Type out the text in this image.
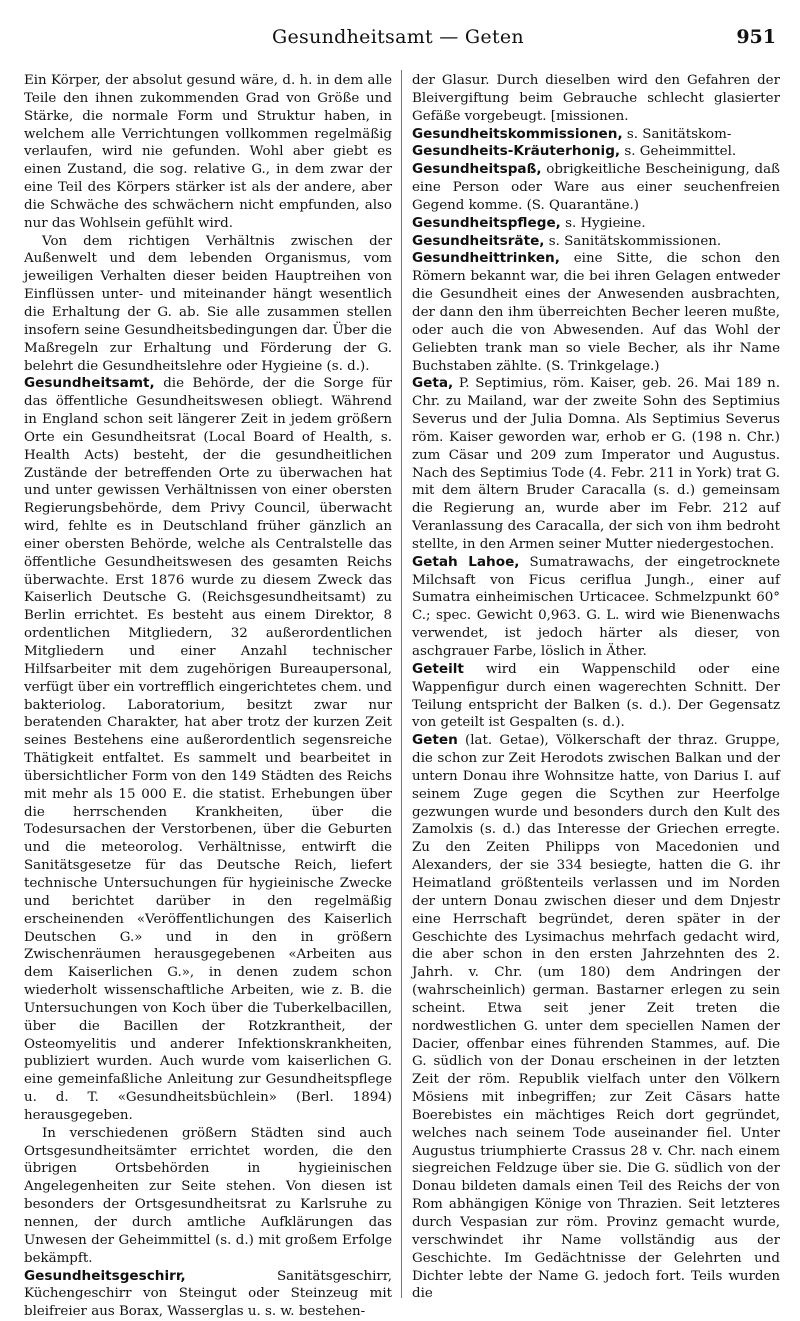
Gesundheitsamt — Geten	951

Ein Körper, der absolut gesund wäre, d. h. in dem alle Teile den ihnen zukommenden Grad von Größe und Stärke, die normale Form und Struktur haben, in welchem alle Verrichtungen vollkommen regelmäßig verlaufen, wird nie gefunden. Wohl aber giebt es einen Zustand, die sog. relative G., in dem zwar der eine Teil des Körpers stärker ist als der andere, aber die Schwäche des schwächern nicht empfunden, also nur das Wohlsein gefühlt wird.

Von dem richtigen Verhältnis zwischen der Außenwelt und dem lebenden Organismus, vom jeweiligen Verhalten dieser beiden Hauptreihen von Einflüssen unter- und miteinander hängt wesentlich die Erhaltung der G. ab. Sie alle zusammen stellen insofern seine Gesundheitsbedingungen dar. Über die Maßregeln zur Erhaltung und Förderung der G. belehrt die Gesundheitslehre oder Hygieine (s. d.).

Gesundheitsamt, die Behörde, der die Sorge für das öffentliche Gesundheitswesen obliegt. Während in England schon seit längerer Zeit in jedem größern Orte ein Gesundheitsrat (Local Board of Health, s. Health Acts) besteht, der die gesundheitlichen Zustände der betreffenden Orte zu überwachen hat und unter gewissen Verhältnissen von einer obersten Regierungsbehörde, dem Privy Council, überwacht wird, fehlte es in Deutschland früher gänzlich an einer obersten Behörde, welche als Centralstelle das öffentliche Gesundheitswesen des gesamten Reichs überwachte. Erst 1876 wurde zu diesem Zweck das Kaiserlich Deutsche G. (Reichsgesundheitsamt) zu Berlin errichtet. Es besteht aus einem Direktor, 8 ordentlichen Mitgliedern, 32 außerordentlichen Mitgliedern und einer Anzahl technischer Hilfsarbeiter mit dem zugehörigen Bureaupersonal, verfügt über ein vortrefflich eingerichtetes chem. und bakteriolog. Laboratorium, besitzt zwar nur beratenden Charakter, hat aber trotz der kurzen Zeit seines Bestehens eine außerordentlich segensreiche Thätigkeit entfaltet. Es sammelt und bearbeitet in übersichtlicher Form von den 149 Städten des Reichs mit mehr als 15 000 E. die statist. Erhebungen über die herrschenden Krankheiten, über die Todesursachen der Verstorbenen, über die Geburten und die meteorolog. Verhältnisse, entwirft die Sanitätsgesetze für das Deutsche Reich, liefert technische Untersuchungen für hygieinische Zwecke und berichtet darüber in den regelmäßig erscheinenden «Veröffentlichungen des Kaiserlich Deutschen G.» und in den in größern Zwischenräumen herausgegebenen «Arbeiten aus dem Kaiserlichen G.», in denen zudem schon wiederholt wissenschaftliche Arbeiten, wie z. B. die Untersuchungen von Koch über die Tuberkelbacillen, über die Bacillen der Rotzkrantheit, der Osteomyelitis und anderer Infektionskrankheiten, publiziert wurden. Auch wurde vom kaiserlichen G. eine gemeinfaßliche Anleitung zur Gesundheitspflege u. d. T. «Gesundheitsbüchlein» (Berl. 1894) herausgegeben.

In verschiedenen größern Städten sind auch Ortsgesundheitsämter errichtet worden, die den übrigen Ortsbehörden in hygieinischen Angelegenheiten zur Seite stehen. Von diesen ist besonders der Ortsgesundheitsrat zu Karlsruhe zu nennen, der durch amtliche Aufklärungen das Unwesen der Geheimmittel (s. d.) mit großem Erfolge bekämpft.

Gesundheitsgeschirr, Sanitätsgeschirr, Küchengeschirr von Steingut oder Steinzeug mit bleifreier aus Borax, Wasserglas u. s. w. bestehen-

der Glasur. Durch dieselben wird den Gefahren der Bleivergiftung beim Gebrauche schlecht glasierter Gefäße vorgebeugt. [missionen.

Gesundheitskommissionen, s. Sanitätskom-

Gesundheits-Kräuterhonig, s. Geheimmittel.

Gesundheitspaß, obrigkeitliche Bescheinigung, daß eine Person oder Ware aus einer seuchenfreien Gegend komme. (S. Quarantäne.)

Gesundheitspflege, s. Hygieine.

Gesundheitsräte, s. Sanitätskommissionen.

Gesundheittrinken, eine Sitte, die schon den Römern bekannt war, die bei ihren Gelagen entweder die Gesundheit eines der Anwesenden ausbrachten, der dann den ihm überreichten Becher leeren mußte, oder auch die von Abwesenden. Auf das Wohl der Geliebten trank man so viele Becher, als ihr Name Buchstaben zählte. (S. Trinkgelage.)

Geta, P. Septimius, röm. Kaiser, geb. 26. Mai 189 n. Chr. zu Mailand, war der zweite Sohn des Septimius Severus und der Julia Domna. Als Septimius Severus röm. Kaiser geworden war, erhob er G. (198 n. Chr.) zum Cäsar und 209 zum Imperator und Augustus. Nach des Septimius Tode (4. Febr. 211 in York) trat G. mit dem ältern Bruder Caracalla (s. d.) gemeinsam die Regierung an, wurde aber im Febr. 212 auf Veranlassung des Caracalla, der sich von ihm bedroht stellte, in den Armen seiner Mutter niedergestochen.

Getah Lahoe, Sumatrawachs, der eingetrocknete Milchsaft von Ficus ceriflua Jungh., einer auf Sumatra einheimischen Urticacee. Schmelzpunkt 60° C.; spec. Gewicht 0,963. G. L. wird wie Bienenwachs verwendet, ist jedoch härter als dieser, von aschgrauer Farbe, löslich in Äther.

Geteilt wird ein Wappenschild oder eine Wappenfigur durch einen wagerechten Schnitt. Der Teilung entspricht der Balken (s. d.). Der Gegensatz von geteilt ist Gespalten (s. d.).

Geten (lat. Getae), Völkerschaft der thraz. Gruppe, die schon zur Zeit Herodots zwischen Balkan und der untern Donau ihre Wohnsitze hatte, von Darius I. auf seinem Zuge gegen die Scythen zur Heerfolge gezwungen wurde und besonders durch den Kult des Zamolxis (s. d.) das Interesse der Griechen erregte. Zu den Zeiten Philipps von Macedonien und Alexanders, der sie 334 besiegte, hatten die G. ihr Heimatland größtenteils verlassen und im Norden der untern Donau zwischen dieser und dem Dnjestr eine Herrschaft begründet, deren später in der Geschichte des Lysimachus mehrfach gedacht wird, die aber schon in den ersten Jahrzehnten des 2. Jahrh. v. Chr. (um 180) dem Andringen der (wahrscheinlich) german. Bastarner erlegen zu sein scheint. Etwa seit jener Zeit treten die nordwestlichen G. unter dem speciellen Namen der Dacier, offenbar eines führenden Stammes, auf. Die G. südlich von der Donau erscheinen in der letzten Zeit der röm. Republik vielfach unter den Völkern Mösiens mit inbegriffen; zur Zeit Cäsars hatte Boerebistes ein mächtiges Reich dort gegründet, welches nach seinem Tode auseinander fiel. Unter Augustus triumphierte Crassus 28 v. Chr. nach einem siegreichen Feldzuge über sie. Die G. südlich von der Donau bildeten damals einen Teil des Reichs der von Rom abhängigen Könige von Thrazien. Seit letzteres durch Vespasian zur röm. Provinz gemacht wurde, verschwindet ihr Name vollständig aus der Geschichte. Im Gedächtnisse der Gelehrten und Dichter lebte der Name G. jedoch fort. Teils wurden die
